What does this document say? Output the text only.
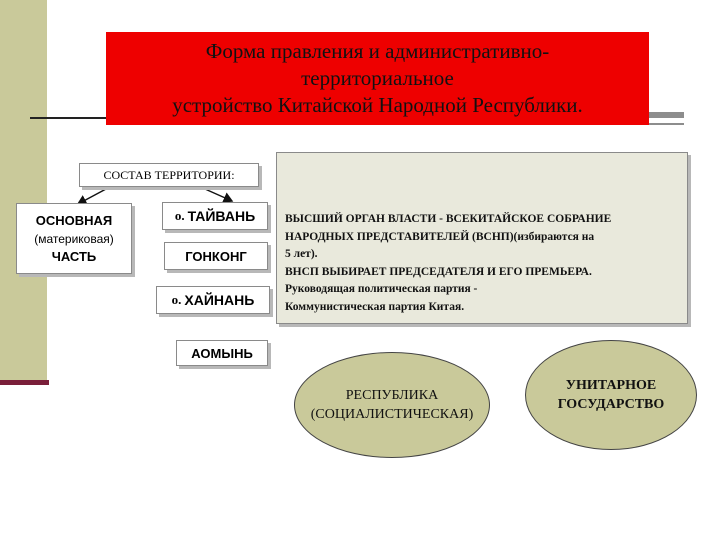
Форма правления и административно-
территориальное
устройство Китайской Народной Республики.
СОСТАВ ТЕРРИТОРИИ:
ОСНОВНАЯ
(материковая)
ЧАСТЬ
о. ТАЙВАНЬ
ГОНКОНГ
о. ХАЙНАНЬ
АОМЫНЬ
ВЫСШИЙ ОРГАН ВЛАСТИ - ВСЕКИТАЙСКОЕ СОБРАНИЕ
НАРОДНЫХ ПРЕДСТАВИТЕЛЕЙ (ВСНП)(избираются на
5 лет).
ВНСП ВЫБИРАЕТ ПРЕДСЕДАТЕЛЯ И ЕГО ПРЕМЬЕРА.
Руководящая политическая партия -
Коммунистическая партия Китая.
РЕСПУБЛИКА
(СОЦИАЛИСТИЧЕСКАЯ)
УНИТАРНОЕ
ГОСУДАРСТВО
